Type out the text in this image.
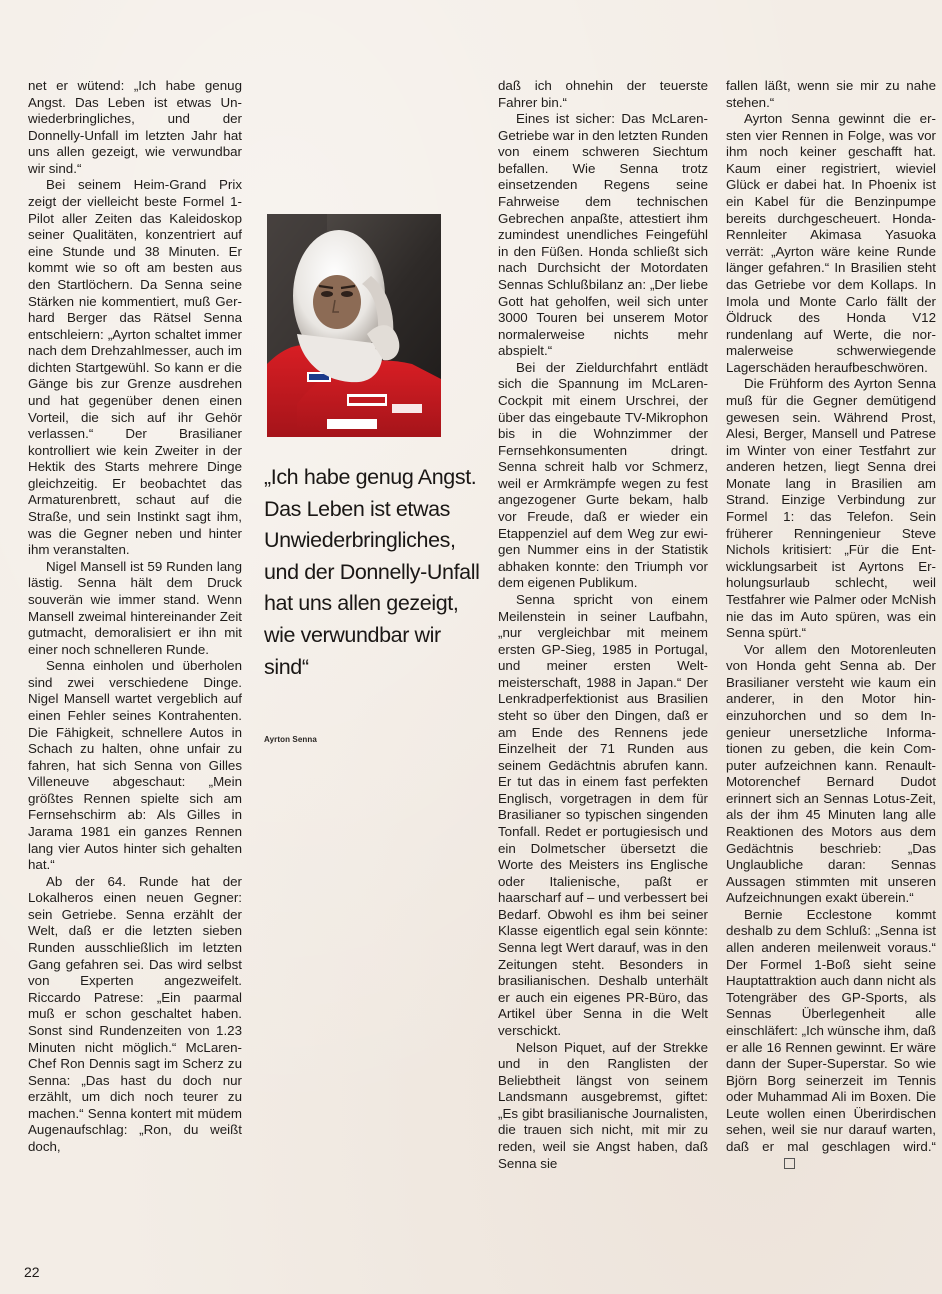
net er wütend: „Ich habe genug Angst. Das Leben ist etwas Unwiederbringliches, und der Donnelly-Unfall im letzten Jahr hat uns allen gezeigt, wie verwundbar wir sind.“

Bei seinem Heim-Grand Prix zeigt der vielleicht beste Formel 1-Pilot aller Zeiten das Kaleidoskop seiner Qualitäten, konzentriert auf eine Stunde und 38 Minuten. Er kommt wie so oft am besten aus den Startlöchern. Da Senna seine Stärken nie kommentiert, muß Gerhard Berger das Rätsel Senna entschleiern: „Ayrton schaltet immer nach dem Drehzahlmesser, auch im dichten Startgewühl. So kann er die Gänge bis zur Grenze ausdrehen und hat gegenüber denen einen Vorteil, die sich auf ihr Gehör verlassen.“ Der Brasilianer kontrolliert wie kein Zweiter in der Hektik des Starts mehrere Dinge gleichzeitig. Er beobachtet das Armaturenbrett, schaut auf die Straße, und sein Instinkt sagt ihm, was die Gegner neben und hinter ihm veranstalten.

Nigel Mansell ist 59 Runden lang lästig. Senna hält dem Druck souverän wie immer stand. Wenn Mansell zweimal hintereinander Zeit gutmacht, demoralisiert er ihn mit einer noch schnelleren Runde.

Senna einholen und überholen sind zwei verschiedene Dinge. Nigel Mansell wartet vergeblich auf einen Fehler seines Kontrahenten. Die Fähigkeit, schnellere Autos in Schach zu halten, ohne unfair zu fahren, hat sich Senna von Gilles Villeneuve abgeschaut: „Mein größtes Rennen spielte sich am Fernsehschirm ab: Als Gilles in Jarama 1981 ein ganzes Rennen lang vier Autos hinter sich gehalten hat.“

Ab der 64. Runde hat der Lokalheros einen neuen Gegner: sein Getriebe. Senna erzählt der Welt, daß er die letzten sieben Runden ausschließlich im letzten Gang gefahren sei. Das wird selbst von Experten angezweifelt. Riccardo Patrese: „Ein paarmal muß er schon geschaltet haben. Sonst sind Rundenzeiten von 1.23 Minuten nicht möglich.“ McLaren-Chef Ron Dennis sagt im Scherz zu Senna: „Das hast du doch nur erzählt, um dich noch teurer zu machen.“ Senna kontert mit müdem Augenaufschlag: „Ron, du weißt doch,

„Ich habe genug Angst. Das Leben ist etwas Unwiederbringliches, und der Donnelly-Unfall hat uns allen gezeigt, wie verwundbar wir sind“
Ayrton Senna

daß ich ohnehin der teuerste Fahrer bin.“

Eines ist sicher: Das McLaren-Getriebe war in den letzten Runden von einem schweren Siechtum befallen. Wie Senna trotz einsetzenden Regens seine Fahrweise dem technischen Gebrechen anpaßte, attestiert ihm zumindest unendliches Feingefühl in den Füßen. Honda schließt sich nach Durchsicht der Motordaten Sennas Schlußbilanz an: „Der liebe Gott hat geholfen, weil sich unter 3000 Touren bei unserem Motor normalerweise nichts mehr abspielt.“

Bei der Zieldurchfahrt entlädt sich die Spannung im McLaren-Cockpit mit einem Urschrei, der über das eingebaute TV-Mikrophon bis in die Wohnzimmer der Fernsehkonsumenten dringt. Senna schreit halb vor Schmerz, weil er Armkrämpfe wegen zu fest angezogener Gurte bekam, halb vor Freude, daß er wieder ein Etappenziel auf dem Weg zur ewigen Nummer eins in der Statistik abhaken konnte: den Triumph vor dem eigenen Publikum.

Senna spricht von einem Meilenstein in seiner Laufbahn, „nur vergleichbar mit meinem ersten GP-Sieg, 1985 in Portugal, und meiner ersten Weltmeisterschaft, 1988 in Japan.“ Der Lenkradperfektionist aus Brasilien steht so über den Dingen, daß er am Ende des Rennens jede Einzelheit der 71 Runden aus seinem Gedächtnis abrufen kann. Er tut das in einem fast perfekten Englisch, vorgetragen in dem für Brasilianer so typischen singenden Tonfall. Redet er portugiesisch und ein Dolmetscher übersetzt die Worte des Meisters ins Englische oder Italienische, paßt er haarscharf auf – und verbessert bei Bedarf. Obwohl es ihm bei seiner Klasse eigentlich egal sein könnte: Senna legt Wert darauf, was in den Zeitungen steht. Besonders in brasilianischen. Deshalb unterhält er auch ein eigenes PR-Büro, das Artikel über Senna in die Welt verschickt.

Nelson Piquet, auf der Strekke und in den Ranglisten der Beliebtheit längst von seinem Landsmann ausgebremst, giftet: „Es gibt brasilianische Journalisten, die trauen sich nicht, mit mir zu reden, weil sie Angst haben, daß Senna sie

fallen läßt, wenn sie mir zu nahe stehen.“

Ayrton Senna gewinnt die ersten vier Rennen in Folge, was vor ihm noch keiner geschafft hat. Kaum einer registriert, wieviel Glück er dabei hat. In Phoenix ist ein Kabel für die Benzinpumpe bereits durchgescheuert. Honda-Rennleiter Akimasa Yasuoka verrät: „Ayrton wäre keine Runde länger gefahren.“ In Brasilien steht das Getriebe vor dem Kollaps. In Imola und Monte Carlo fällt der Öldruck des Honda V12 rundenlang auf Werte, die normalerweise schwerwiegende Lagerschäden heraufbeschwören.

Die Frühform des Ayrton Senna muß für die Gegner demütigend gewesen sein. Während Prost, Alesi, Berger, Mansell und Patrese im Winter von einer Testfahrt zur anderen hetzen, liegt Senna drei Monate lang in Brasilien am Strand. Einzige Verbindung zur Formel 1: das Telefon. Sein früherer Renningenieur Steve Nichols kritisiert: „Für die Entwicklungsarbeit ist Ayrtons Erholungsurlaub schlecht, weil Testfahrer wie Palmer oder McNish nie das im Auto spüren, was ein Senna spürt.“

Vor allem den Motorenleuten von Honda geht Senna ab. Der Brasilianer versteht wie kaum ein anderer, in den Motor hineinzuhorchen und so dem Ingenieur unersetzliche Informationen zu geben, die kein Computer aufzeichnen kann. Renault-Motorenchef Bernard Dudot erinnert sich an Sennas Lotus-Zeit, als der ihm 45 Minuten lang alle Reaktionen des Motors aus dem Gedächtnis beschrieb: „Das Unglaubliche daran: Sennas Aussagen stimmten mit unseren Aufzeichnungen exakt überein.“

Bernie Ecclestone kommt deshalb zu dem Schluß: „Senna ist allen anderen meilenweit voraus.“ Der Formel 1-Boß sieht seine Hauptattraktion auch dann nicht als Totengräber des GP-Sports, als Sennas Überlegenheit alle einschläfert: „Ich wünsche ihm, daß er alle 16 Rennen gewinnt. Er wäre dann der Super-Superstar. So wie Björn Borg seinerzeit im Tennis oder Muhammad Ali im Boxen. Die Leute wollen einen Überirdischen sehen, weil sie nur darauf warten, daß er mal geschlagen wird.“

22
